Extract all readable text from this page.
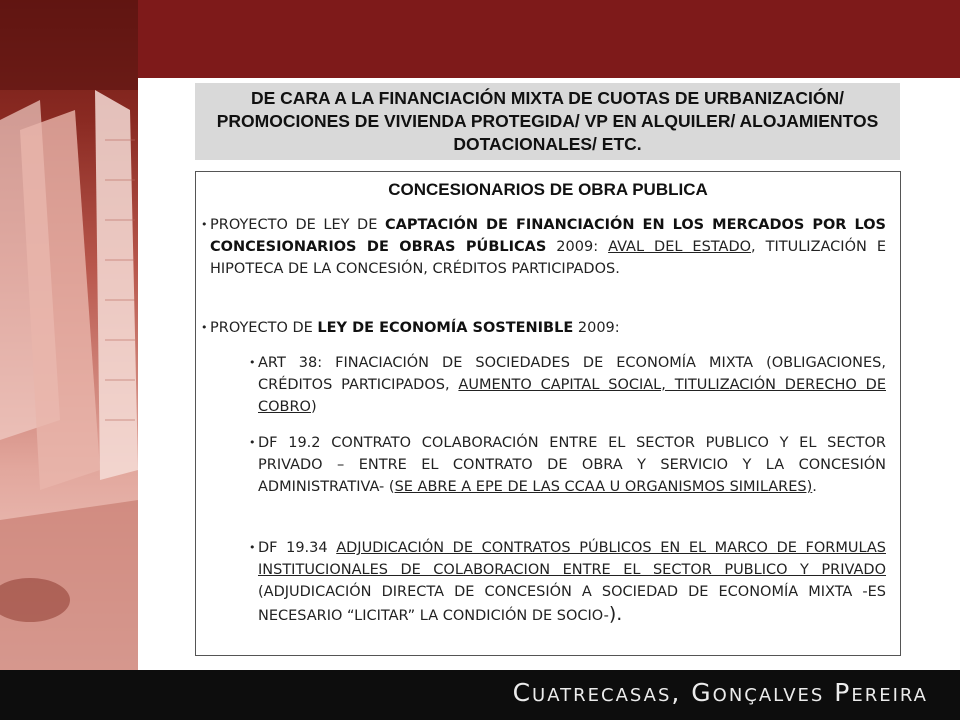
DE CARA A LA FINANCIACIÓN MIXTA DE CUOTAS DE URBANIZACIÓN/ PROMOCIONES DE VIVIENDA PROTEGIDA/ VP EN ALQUILER/ ALOJAMIENTOS DOTACIONALES/ ETC.
CONCESIONARIOS DE OBRA PUBLICA
• PROYECTO DE LEY DE CAPTACIÓN DE FINANCIACIÓN EN LOS MERCADOS POR LOS CONCESIONARIOS DE OBRAS PÚBLICAS 2009: AVAL DEL ESTADO, TITULIZACIÓN E HIPOTECA DE LA CONCESIÓN, CRÉDITOS PARTICIPADOS.
• PROYECTO DE LEY DE ECONOMÍA SOSTENIBLE 2009:
• ART 38: FINACIACIÓN DE SOCIEDADES DE ECONOMÍA MIXTA (OBLIGACIONES, CRÉDITOS PARTICIPADOS, AUMENTO CAPITAL SOCIAL, TITULIZACIÓN DERECHO DE COBRO)
• DF 19.2 CONTRATO COLABORACIÓN ENTRE EL SECTOR PUBLICO Y EL SECTOR PRIVADO – ENTRE EL CONTRATO DE OBRA Y SERVICIO Y LA CONCESIÓN ADMINISTRATIVA- (SE ABRE A EPE DE LAS CCAA U ORGANISMOS SIMILARES).
• DF 19.34 ADJUDICACIÓN DE CONTRATOS PÚBLICOS EN EL MARCO DE FORMULAS INSTITUCIONALES DE COLABORACION ENTRE EL SECTOR PUBLICO Y PRIVADO (ADJUDICACIÓN DIRECTA DE CONCESIÓN A SOCIEDAD DE ECONOMÍA MIXTA -ES NECESARIO “LICITAR” LA CONDICIÓN DE SOCIO-).
Cuatrecasas, Gonçalves Pereira
